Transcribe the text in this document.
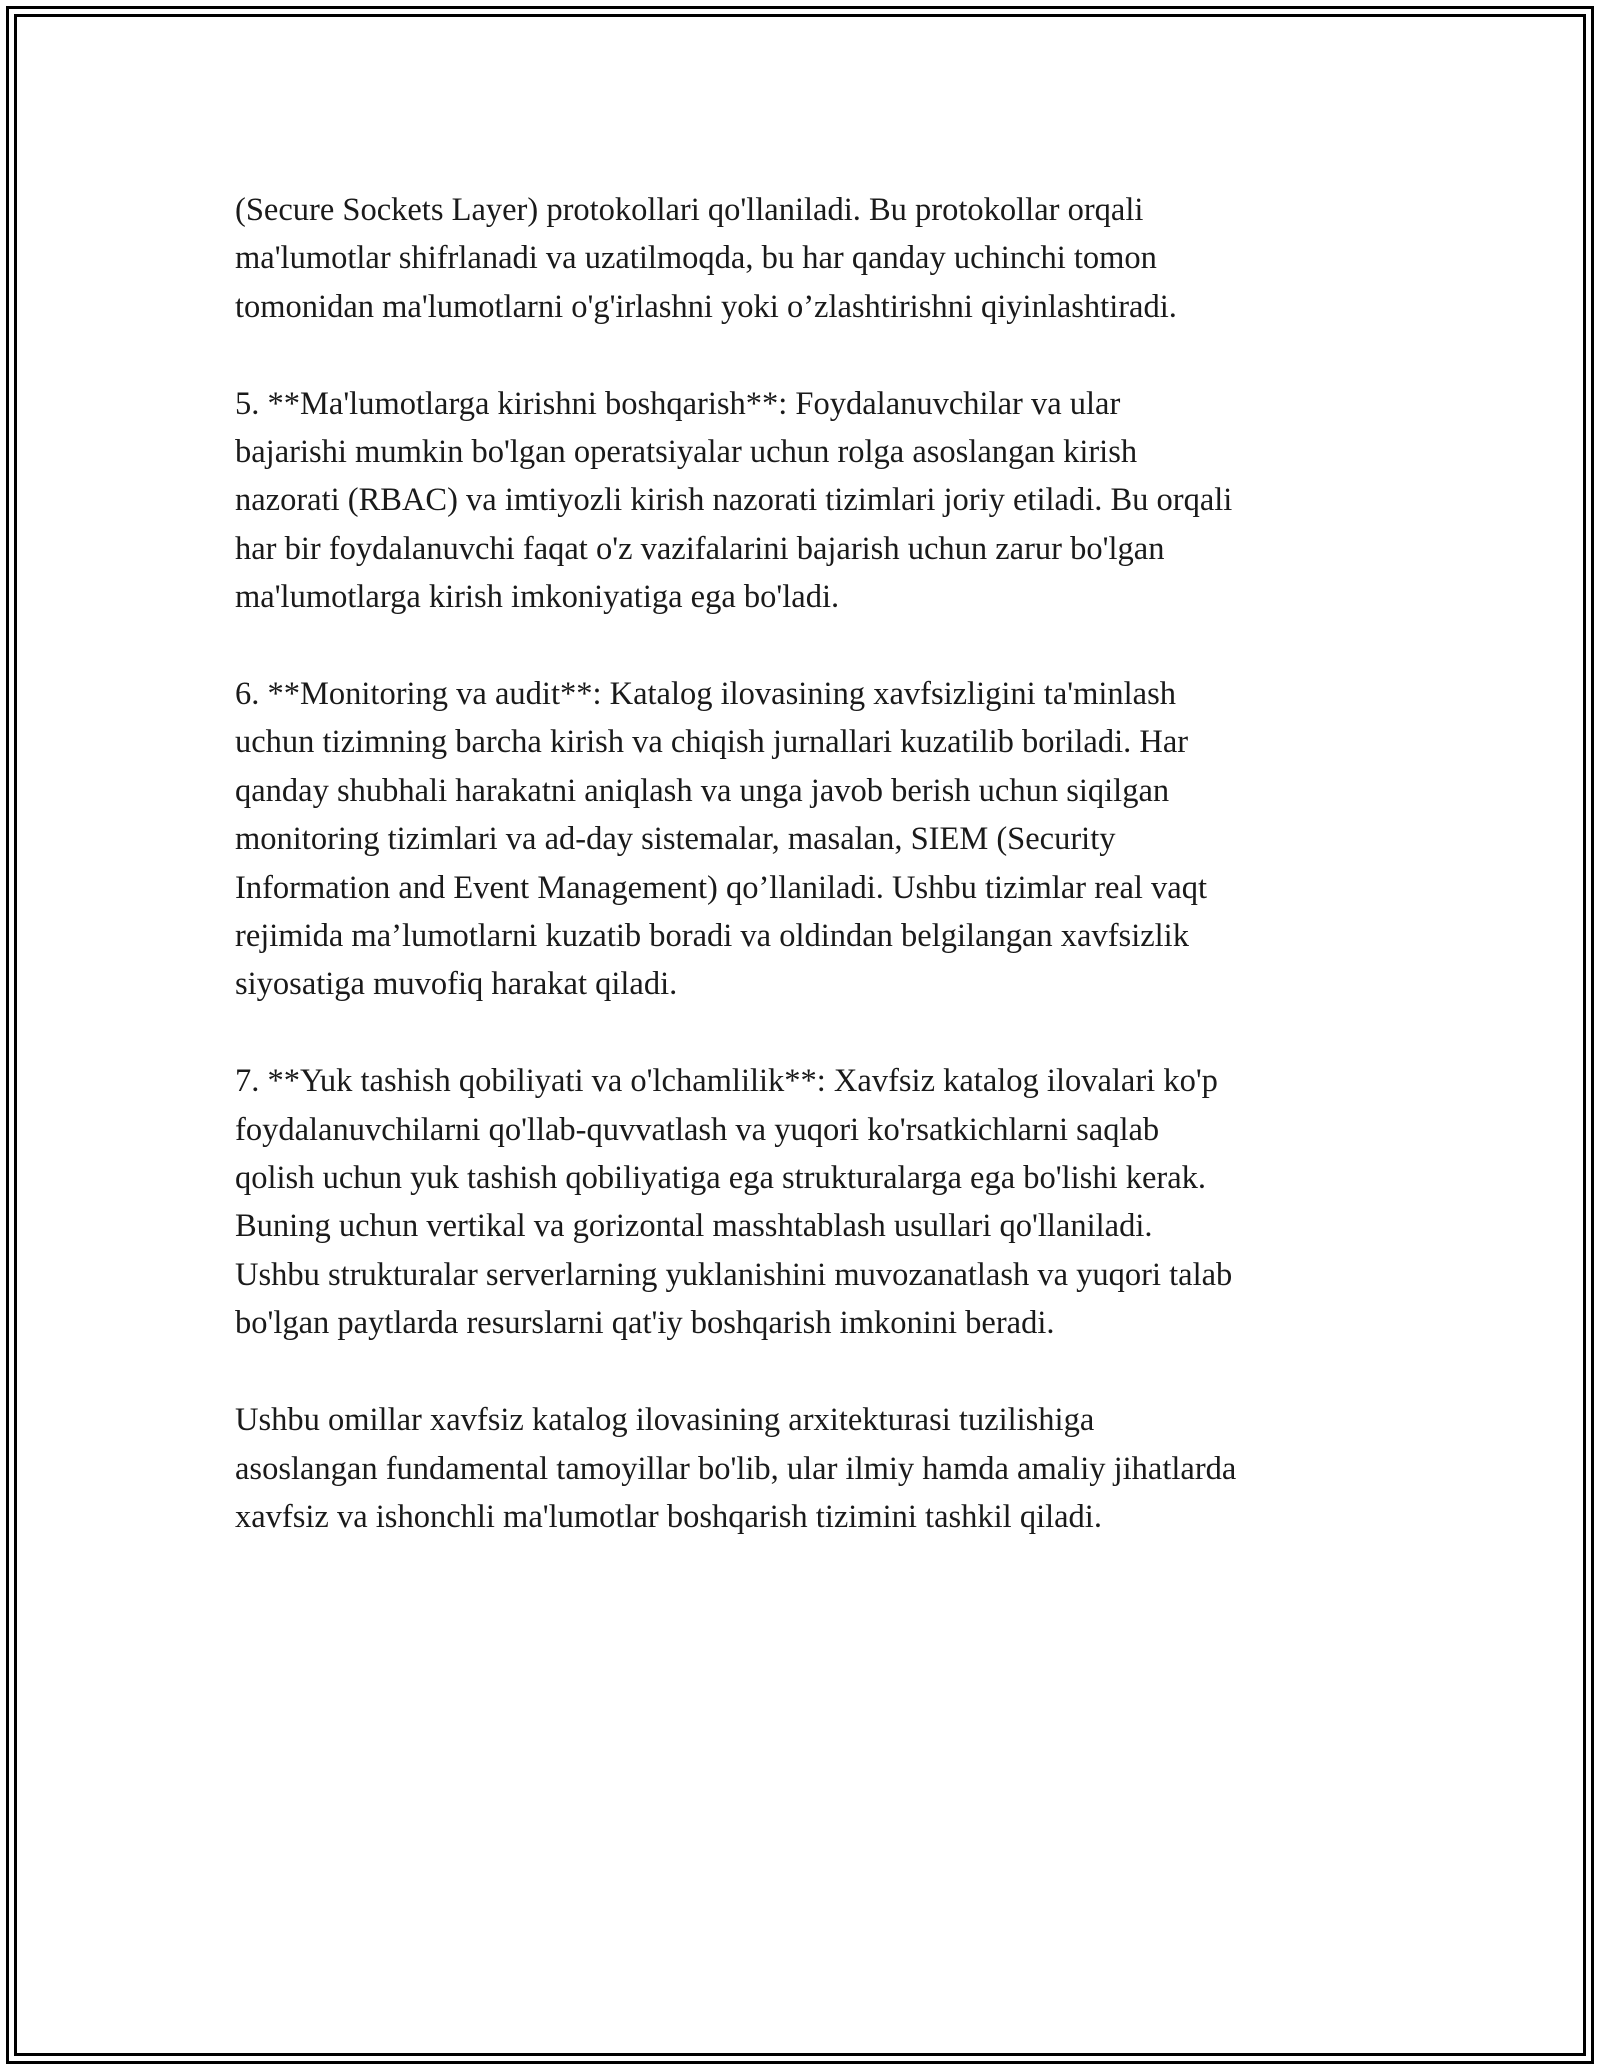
(Secure Sockets Layer) protokollari qo'llaniladi. Bu protokollar orqali
ma'lumotlar shifrlanadi va uzatilmoqda, bu har qanday uchinchi tomon
tomonidan ma'lumotlarni o'g'irlashni yoki o’zlashtirishni qiyinlashtiradi.

5. **Ma'lumotlarga kirishni boshqarish**: Foydalanuvchilar va ular
bajarishi mumkin bo'lgan operatsiyalar uchun rolga asoslangan kirish
nazorati (RBAC) va imtiyozli kirish nazorati tizimlari joriy etiladi. Bu orqali
har bir foydalanuvchi faqat o'z vazifalarini bajarish uchun zarur bo'lgan
ma'lumotlarga kirish imkoniyatiga ega bo'ladi.

6. **Monitoring va audit**: Katalog ilovasining xavfsizligini ta'minlash
uchun tizimning barcha kirish va chiqish jurnallari kuzatilib boriladi. Har
qanday shubhali harakatni aniqlash va unga javob berish uchun siqilgan
monitoring tizimlari va ad-day sistemalar, masalan, SIEM (Security
Information and Event Management) qo’llaniladi. Ushbu tizimlar real vaqt
rejimida ma’lumotlarni kuzatib boradi va oldindan belgilangan xavfsizlik
siyosatiga muvofiq harakat qiladi.

7. **Yuk tashish qobiliyati va o'lchamlilik**: Xavfsiz katalog ilovalari ko'p
foydalanuvchilarni qo'llab-quvvatlash va yuqori ko'rsatkichlarni saqlab
qolish uchun yuk tashish qobiliyatiga ega strukturalarga ega bo'lishi kerak.
Buning uchun vertikal va gorizontal masshtablash usullari qo'llaniladi.
Ushbu strukturalar serverlarning yuklanishini muvozanatlash va yuqori talab
bo'lgan paytlarda resurslarni qat'iy boshqarish imkonini beradi.

Ushbu omillar xavfsiz katalog ilovasining arxitekturasi tuzilishiga
asoslangan fundamental tamoyillar bo'lib, ular ilmiy hamda amaliy jihatlarda
xavfsiz va ishonchli ma'lumotlar boshqarish tizimini tashkil qiladi.
